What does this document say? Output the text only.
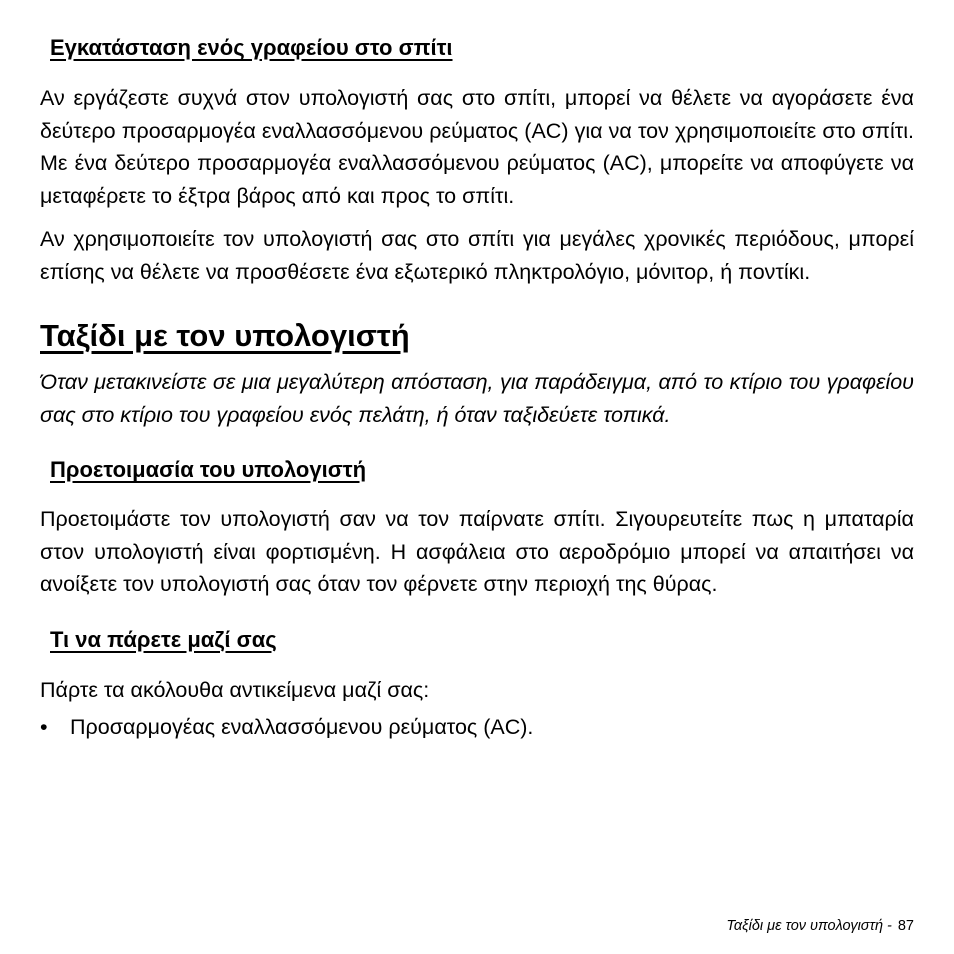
Εγκατάσταση ενός γραφείου στο σπίτι

Αν εργάζεστε συχνά στον υπολογιστή σας στο σπίτι, μπορεί να θέλετε να αγοράσετε ένα δεύτερο προσαρμογέα εναλλασσόμενου ρεύματος (AC) για να τον χρησιμοποιείτε στο σπίτι. Με ένα δεύτερο προσαρμογέα εναλλασσόμενου ρεύματος (AC), μπορείτε να αποφύγετε να μεταφέρετε το έξτρα βάρος από και προς το σπίτι.

Αν χρησιμοποιείτε τον υπολογιστή σας στο σπίτι για μεγάλες χρονικές περιόδους, μπορεί επίσης να θέλετε να προσθέσετε ένα εξωτερικό πληκτρολόγιο, μόνιτορ, ή ποντίκι.

Ταξίδι με τον υπολογιστή

Όταν μετακινείστε σε μια μεγαλύτερη απόσταση, για παράδειγμα, από το κτίριο του γραφείου σας στο κτίριο του γραφείου ενός πελάτη, ή όταν ταξιδεύετε τοπικά.

Προετοιμασία του υπολογιστή

Προετοιμάστε τον υπολογιστή σαν να τον παίρνατε σπίτι. Σιγουρευτείτε πως η μπαταρία στον υπολογιστή είναι φορτισμένη. Η ασφάλεια στο αεροδρόμιο μπορεί να απαιτήσει να ανοίξετε τον υπολογιστή σας όταν τον φέρνετε στην περιοχή της θύρας.

Τι να πάρετε μαζί σας

Πάρτε τα ακόλουθα αντικείμενα μαζί σας:

•	Προσαρμογέας εναλλασσόμενου ρεύματος (AC).
Ταξίδι με τον υπολογιστή - 87
